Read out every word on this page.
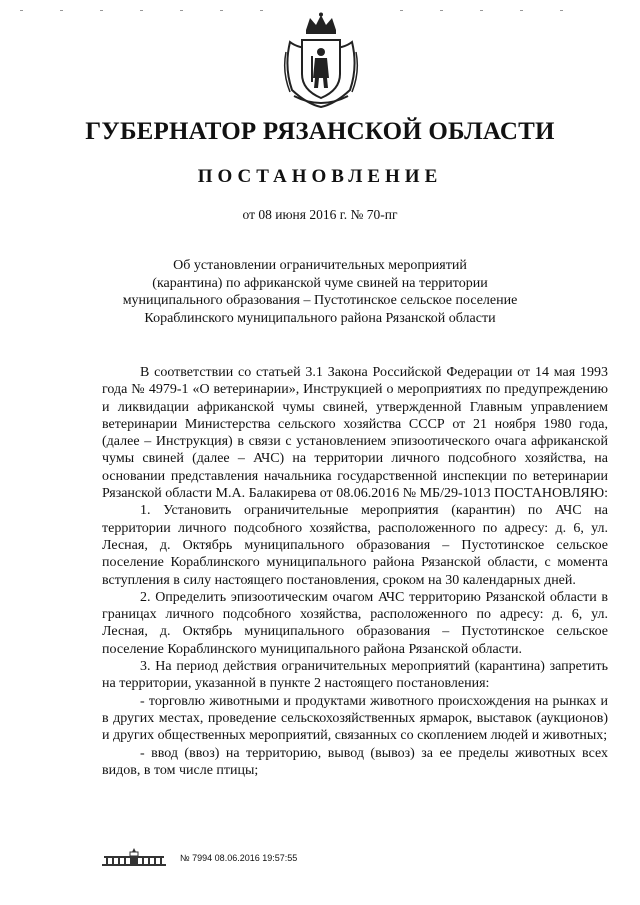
ГУБЕРНАТОР РЯЗАНСКОЙ ОБЛАСТИ
ПОСТАНОВЛЕНИЕ
от 08 июня 2016 г. № 70-пг
Об установлении ограничительных мероприятий
(карантина) по африканской чуме свиней на территории
муниципального образования – Пустотинское сельское поселение
Кораблинского муниципального района Рязанской области

В соответствии со статьей 3.1 Закона Российской Федерации от 14 мая 1993 года № 4979-1 «О ветеринарии», Инструкцией о мероприятиях по предупреждению и ликвидации африканской чумы свиней, утвержденной Главным управлением ветеринарии Министерства сельского хозяйства СССР от 21 ноября 1980 года, (далее – Инструкция) в связи с установлением эпизоотического очага африканской чумы свиней (далее – АЧС) на территории личного подсобного хозяйства, на основании представления начальника государственной инспекции по ветеринарии Рязанской области М.А. Балакирева от 08.06.2016 № МБ/29-1013 ПОСТАНОВЛЯЮ:

1. Установить ограничительные мероприятия (карантин) по АЧС на территории личного подсобного хозяйства, расположенного по адресу: д. 6, ул. Лесная, д. Октябрь муниципального образования – Пустотинское сельское поселение Кораблинского муниципального района Рязанской области, с момента вступления в силу настоящего постановления, сроком на 30 календарных дней.

2. Определить эпизоотическим очагом АЧС территорию Рязанской области в границах личного подсобного хозяйства, расположенного по адресу: д. 6, ул. Лесная, д. Октябрь муниципального образования – Пустотинское сельское поселение Кораблинского муниципального района Рязанской области.

3. На период действия ограничительных мероприятий (карантина) запретить на территории, указанной в пункте 2 настоящего постановления:

- торговлю животными и продуктами животного происхождения на рынках и в других местах, проведение сельскохозяйственных ярмарок, выставок (аукционов) и других общественных мероприятий, связанных со скоплением людей и животных;

- ввод (ввоз) на территорию, вывод (вывоз) за ее пределы животных всех видов, в том числе птицы;

№ 7994 08.06.2016 19:57:55
